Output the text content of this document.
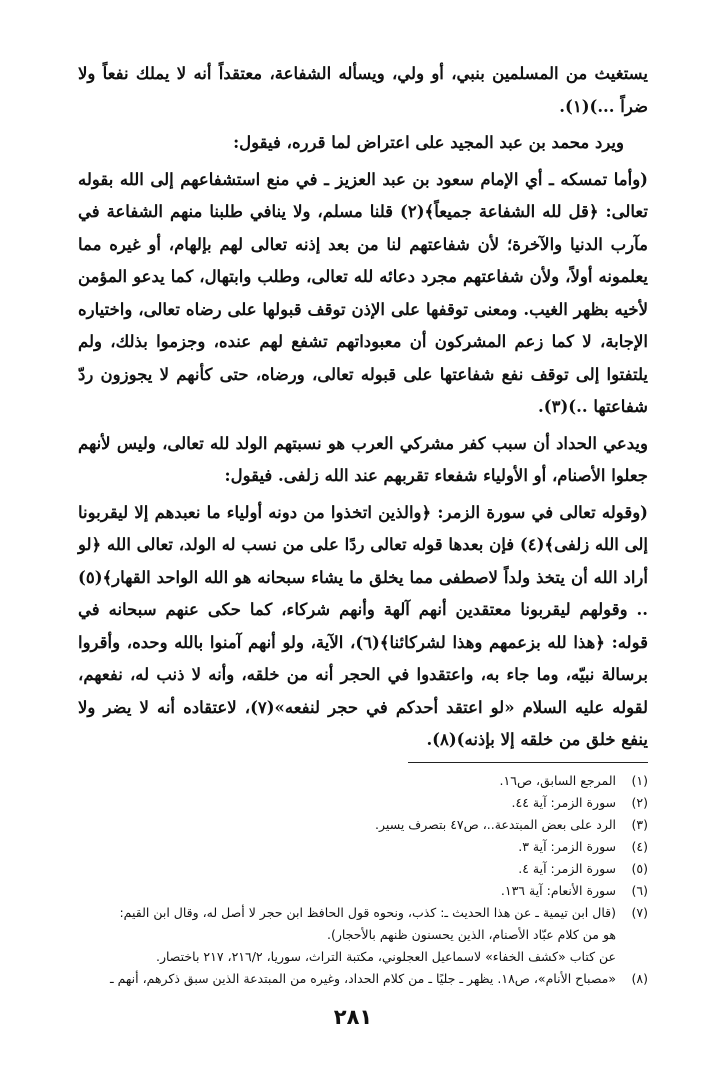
يستغيث من المسلمين بنبي، أو ولي، ويسأله الشفاعة، معتقداً أنه لا يملك نفعاً ولا ضراً ...)(١).

ويرد محمد بن عبد المجيد على اعتراض لما قرره، فيقول:

(وأما تمسكه ـ أي الإمام سعود بن عبد العزيز ـ في منع استشفاعهم إلى الله بقوله تعالى: ﴿قل لله الشفاعة جميعاً﴾(٢) قلنا مسلم، ولا ينافي طلبنا منهم الشفاعة في مآرب الدنيا والآخرة؛ لأن شفاعتهم لنا من بعد إذنه تعالى لهم بإلهام، أو غيره مما يعلمونه أولاً، ولأن شفاعتهم مجرد دعائه لله تعالى، وطلب وابتهال، كما يدعو المؤمن لأخيه بظهر الغيب. ومعنى توقفها على الإذن توقف قبولها على رضاه تعالى، واختياره الإجابة، لا كما زعم المشركون أن معبوداتهم تشفع لهم عنده، وجزموا بذلك، ولم يلتفتوا إلى توقف نفع شفاعتها على قبوله تعالى، ورضاه، حتى كأنهم لا يجوزون ردّ شفاعتها ..)(٣).

ويدعي الحداد أن سبب كفر مشركي العرب هو نسبتهم الولد لله تعالى، وليس لأنهم جعلوا الأصنام، أو الأولياء شفعاء تقربهم عند الله زلفى. فيقول:

(وقوله تعالى في سورة الزمر: ﴿والذين اتخذوا من دونه أولياء ما نعبدهم إلا ليقربونا إلى الله زلفى﴾(٤) فإن بعدها قوله تعالى ردًا على من نسب له الولد، تعالى الله ﴿لو أراد الله أن يتخذ ولداً لاصطفى مما يخلق ما يشاء سبحانه هو الله الواحد القهار﴾(٥) .. وقولهم ليقربونا معتقدين أنهم آلهة وأنهم شركاء، كما حكى عنهم سبحانه في قوله: ﴿هذا لله بزعمهم وهذا لشركائنا﴾(٦)، الآية، ولو أنهم آمنوا بالله وحده، وأقروا برسالة نبيّه، وما جاء به، واعتقدوا في الحجر أنه من خلقه، وأنه لا ذنب له، نفعهم، لقوله عليه السلام «لو اعتقد أحدكم في حجر لنفعه»(٧)، لاعتقاده أنه لا يضر ولا ينفع خلق من خلقه إلا بإذنه)(٨).

(١)
المرجع السابق، ص١٦.
(٢)
سورة الزمر: آية ٤٤.
(٣)
الرد على بعض المبتدعة..، ص٤٧ بتصرف يسير.
(٤)
سورة الزمر: آية ٣.
(٥)
سورة الزمر: آية ٤.
(٦)
سورة الأنعام: آية ١٣٦.
(٧)
(قال ابن تيمية ـ عن هذا الحديث ـ: كذب، ونحوه قول الحافظ ابن حجر لا أصل له، وقال ابن القيم:
هو من كلام عبّاد الأصنام، الذين يحسنون ظنهم بالأحجار).
عن كتاب «كشف الخفاء» لاسماعيل العجلوني، مكتبة التراث، سوريا، ٢١٦/٢، ٢١٧ باختصار.
(٨)
«مصباح الأنام»، ص١٨. يظهر ـ جليًا ـ من كلام الحداد، وغيره من المبتدعة الذين سبق ذكرهم، أنهم ـ
٢٨١
